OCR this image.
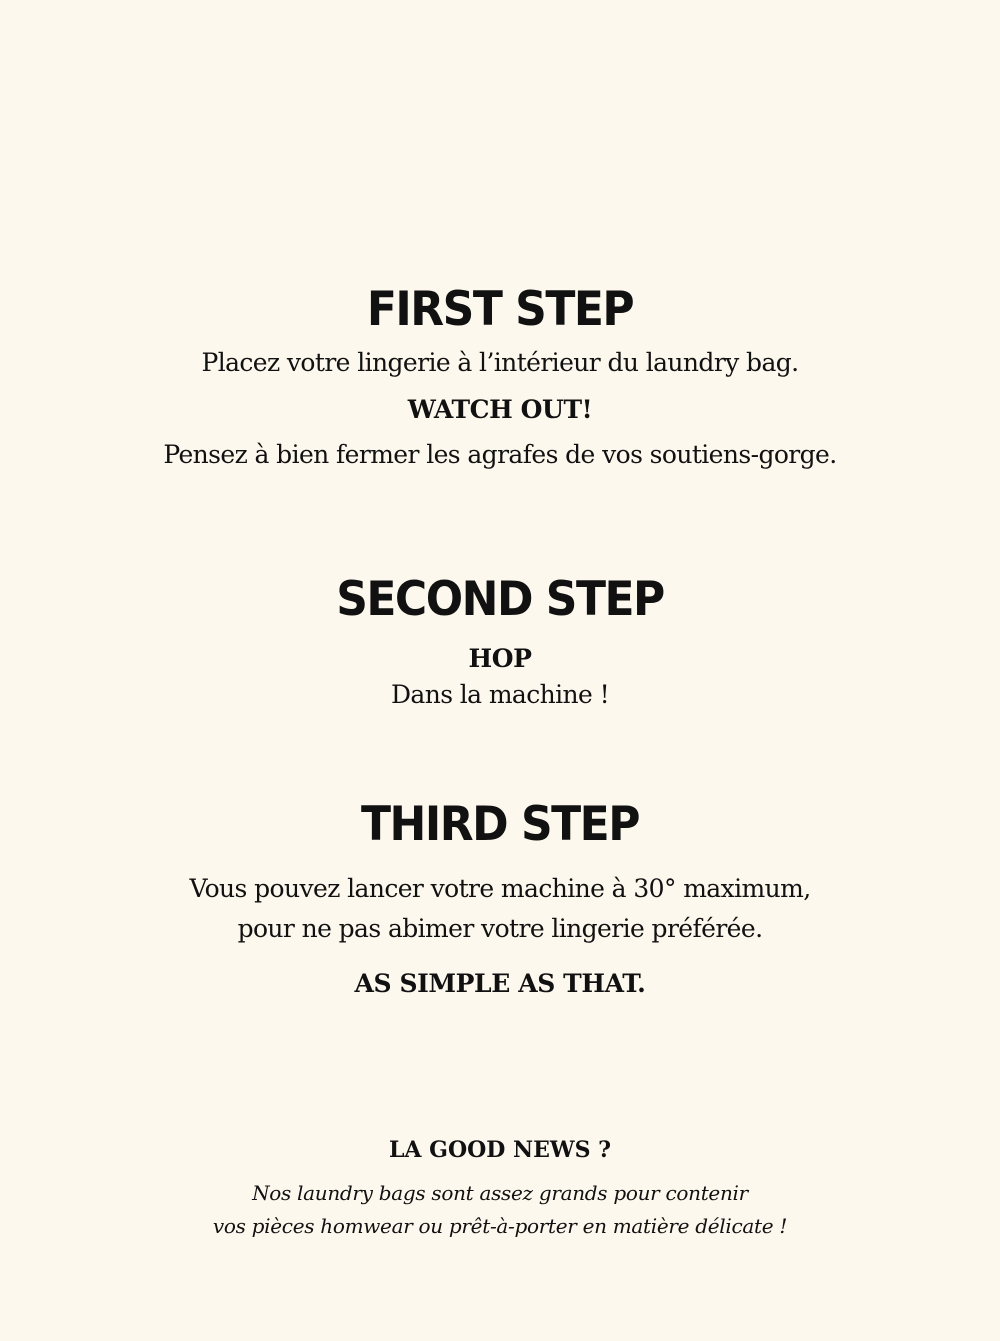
FIRST STEP

Placez votre lingerie à l’intérieur du laundry bag.

WATCH OUT!

Pensez à bien fermer les agrafes de vos soutiens-gorge.

SECOND STEP

HOP

Dans la machine !

THIRD STEP

Vous pouvez lancer votre machine à 30° maximum,

pour ne pas abimer votre lingerie préférée.

AS SIMPLE AS THAT.

LA GOOD NEWS ?

Nos laundry bags sont assez grands pour contenir

vos pièces homwear ou prêt-à-porter en matière délicate !
